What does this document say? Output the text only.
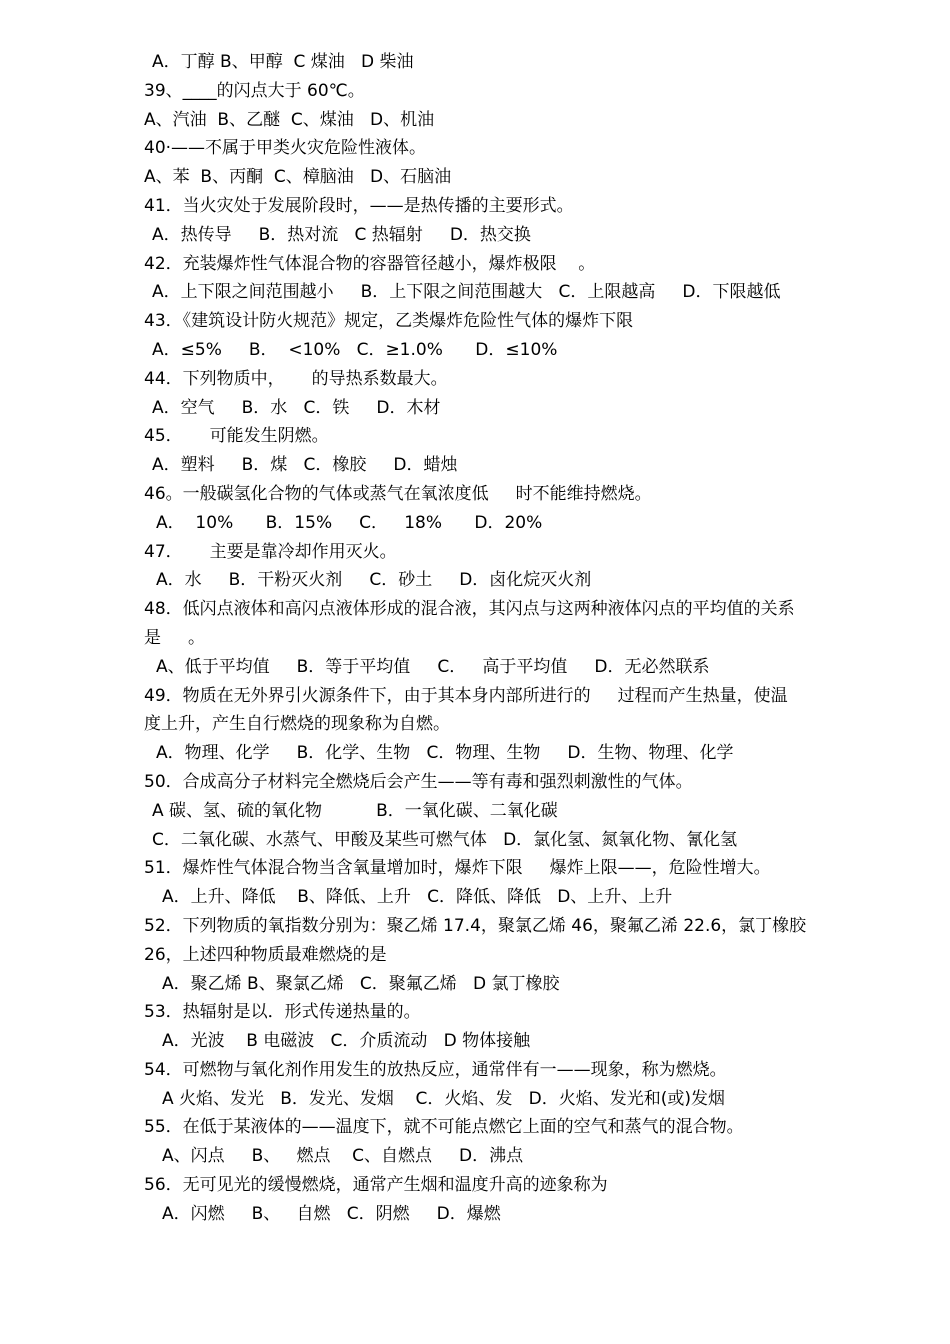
A．丁醇 B、甲醇  C 煤油   D 柴油
39、____的闪点大于 60℃。
A、汽油  B、乙醚  C、煤油   D、机油
40·——不属于甲类火灾危险性液体。
A、苯  B、丙酮  C、樟脑油   D、石脑油
41．当火灾处于发展阶段时，——是热传播的主要形式。
A．热传导     B．热对流   C 热辐射     D．热交换
42．充装爆炸性气体混合物的容器管径越小，爆炸极限    。
A．上下限之间范围越小     B．上下限之间范围越大   C．上限越高     D．下限越低
43．《建筑设计防火规范》规定，乙类爆炸危险性气体的爆炸下限
A．≤5%     B．  <10%   C．≥1.0%      D．≤10%
44．下列物质中，     的导热系数最大。
A．空气     B．水   C．铁     D．木材
45．     可能发生阴燃。
A．塑料     B．煤   C．橡胶     D．蜡烛
46。一般碳氢化合物的气体或蒸气在氧浓度低     时不能维持燃烧。
A．  10%      B．15%     C．   18%      D．20%
47．     主要是靠冷却作用灭火。
A．水     B．干粉灭火剂     C．砂土     D．卤化烷灭火剂
48．低闪点液体和高闪点液体形成的混合液，其闪点与这两种液体闪点的平均值的关系
是     。
A、低于平均值     B．等于平均值     C．   高于平均值     D．无必然联系
49．物质在无外界引火源条件下，由于其本身内部所进行的     过程而产生热量，使温
度上升，产生自行燃烧的现象称为自燃。
A．物理、化学     B．化学、生物   C．物理、生物     D．生物、物理、化学
50．合成高分子材料完全燃烧后会产生——等有毒和强烈刺激性的气体。
A 碳、氢、硫的氧化物          B．一氧化碳、二氧化碳
C．二氧化碳、水蒸气、甲酸及某些可燃气体   D．氯化氢、氮氧化物、氰化氢
51．爆炸性气体混合物当含氧量增加时，爆炸下限     爆炸上限——，危险性增大。
A．上升、降低    B、降低、上升   C．降低、降低   D、上升、上升
52．下列物质的氧指数分别为：聚乙烯 17.4，聚氯乙烯 46，聚氟乙浠 22.6，氯丁橡胶
26，上述四种物质最难燃烧的是
A．聚乙烯 B、聚氯乙烯   C．聚氟乙烯   D 氯丁橡胶
53．热辐射是以．形式传递热量的。
A．光波    B 电磁波   C．介质流动   D 物体接触
54．可燃物与氧化剂作用发生的放热反应，通常伴有一——现象，称为燃烧。
A 火焰、发光   B．发光、发烟    C．火焰、发   D．火焰、发光和(或)发烟
55．在低于某液体的——温度下，就不可能点燃它上面的空气和蒸气的混合物。
A、闪点     B、   燃点    C、自燃点     D．沸点
56．无可见光的缓慢燃烧，通常产生烟和温度升高的迹象称为
A．闪燃     B、   自燃   C．阴燃     D．爆燃
